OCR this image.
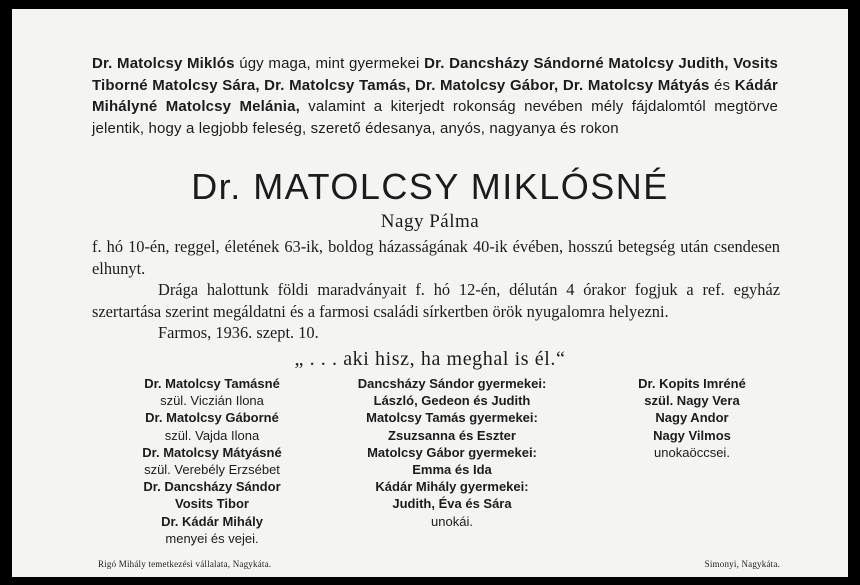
Dr. Matolcsy Miklós úgy maga, mint gyermekei Dr. Dancsházy Sándorné Matolcsy Judith, Vosits Tiborné Matolcsy Sára, Dr. Matolcsy Tamás, Dr. Matolcsy Gábor, Dr. Matolcsy Mátyás és Kádár Mihályné Matolcsy Melánia, valamint a kiterjedt rokonság nevében mély fájdalomtól megtörve jelentik, hogy a legjobb feleség, szerető édesanya, anyós, nagyanya és rokon
Dr. MATOLCSY MIKLÓSNÉ
Nagy Pálma

f. hó 10-én, reggel, életének 63-ik, boldog házasságának 40-ik évében, hosszú betegség után csendesen elhunyt.

Drága halottunk földi maradványait f. hó 12-én, délután 4 órakor fogjuk a ref. egyház szertartása szerint megáldatni és a farmosi családi sírkertben örök nyugalomra helyezni.

Farmos, 1936. szept. 10.

„ . . . aki hisz, ha meghal is él.“
Dr. Matolcsy Tamásné
szül. Viczián Ilona
Dr. Matolcsy Gáborné
szül. Vajda Ilona
Dr. Matolcsy Mátyásné
szül. Verebély Erzsébet
Dr. Dancsházy Sándor
Vosits Tibor
Dr. Kádár Mihály
menyei és vejei.
Dancsházy Sándor gyermekei:
László, Gedeon és Judith
Matolcsy Tamás gyermekei:
Zsuzsanna és Eszter
Matolcsy Gábor gyermekei:
Emma és Ida
Kádár Mihály gyermekei:
Judith, Éva és Sára
unokái.
Dr. Kopits Imréné
szül. Nagy Vera
Nagy Andor
Nagy Vilmos
unokaöccsei.
Rigó Mihály temetkezési vállalata, Nagykáta.	Simonyi, Nagykáta.
